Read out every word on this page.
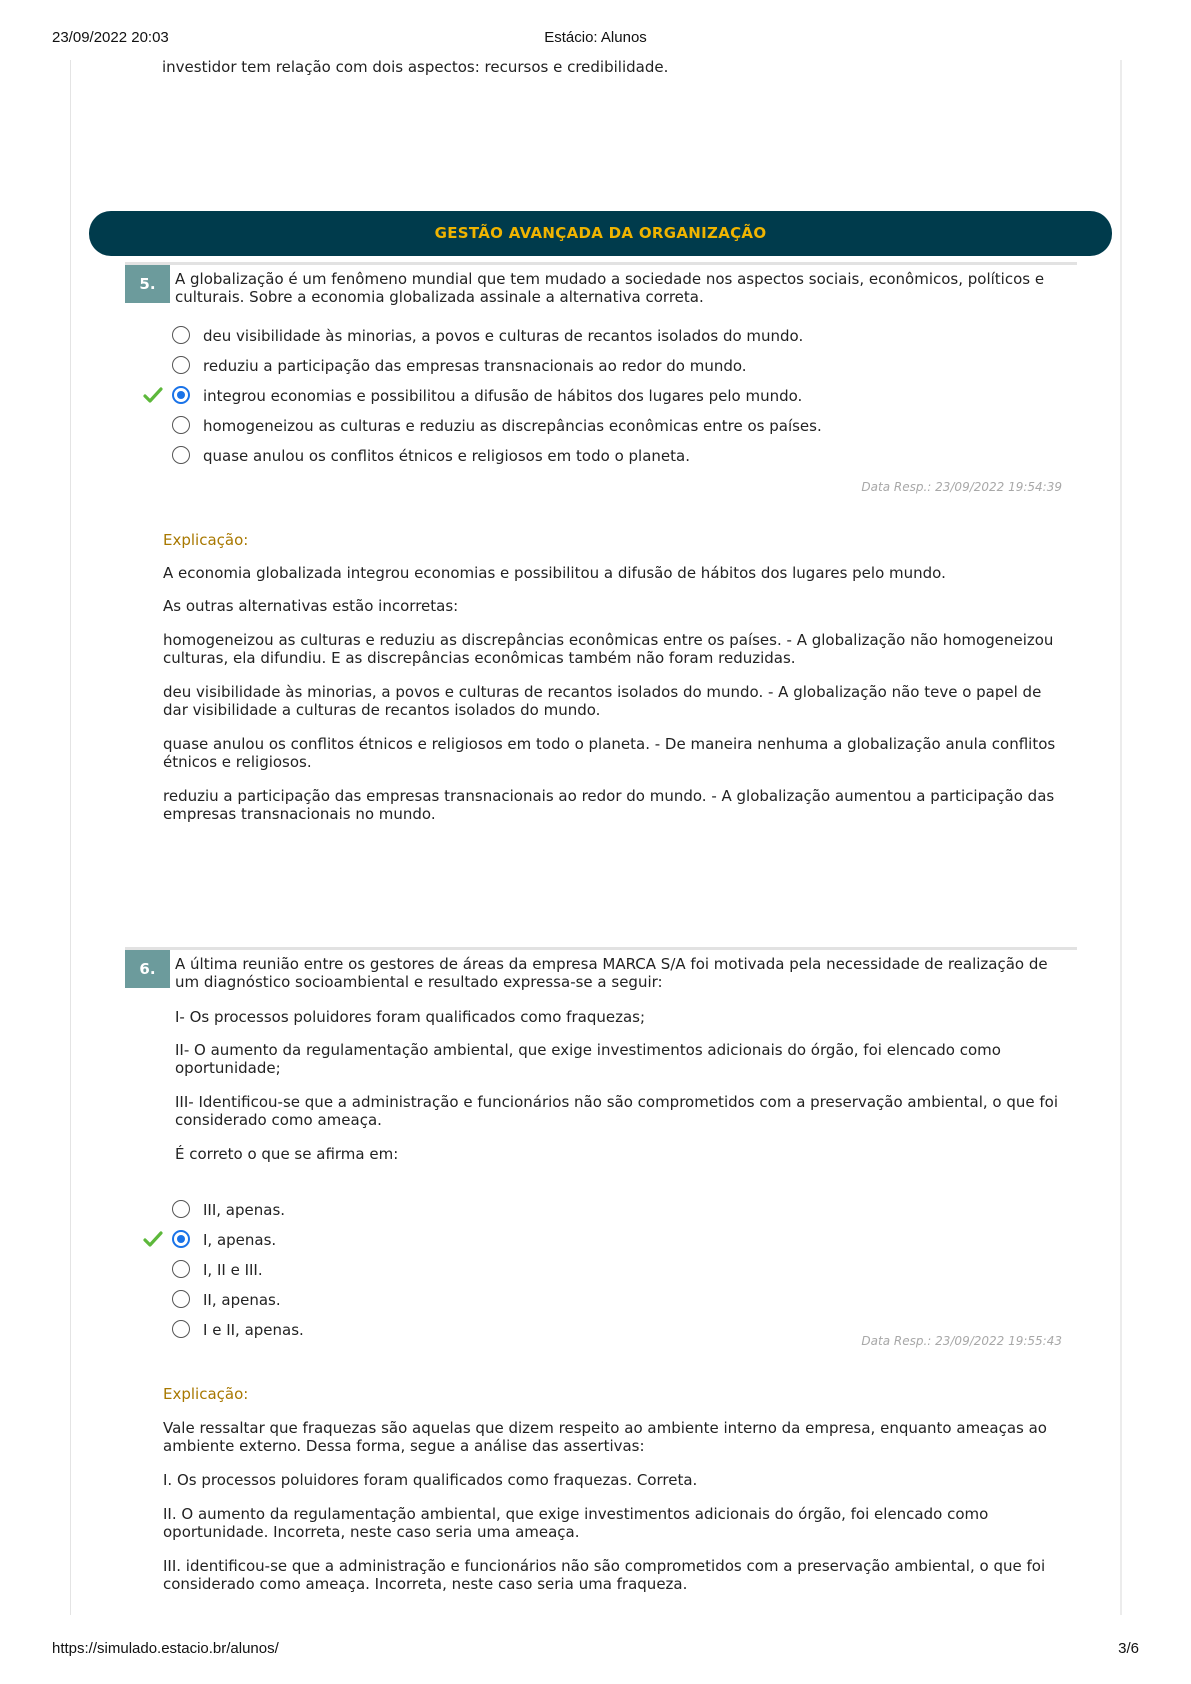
23/09/2022 20:03	Estácio: Alunos
investidor tem relação com dois aspectos: recursos e credibilidade.
GESTÃO AVANÇADA DA ORGANIZAÇÃO
5.	A globalização é um fenômeno mundial que tem mudado a sociedade nos aspectos sociais, econômicos, políticos e culturais. Sobre a economia globalizada assinale a alternativa correta.
deu visibilidade às minorias, a povos e culturas de recantos isolados do mundo.
reduziu a participação das empresas transnacionais ao redor do mundo.
integrou economias e possibilitou a difusão de hábitos dos lugares pelo mundo.
homogeneizou as culturas e reduziu as discrepâncias econômicas entre os países.
quase anulou os conflitos étnicos e religiosos em todo o planeta.
Data Resp.: 23/09/2022 19:54:39
Explicação:
A economia globalizada integrou economias e possibilitou a difusão de hábitos dos lugares pelo mundo.
As outras alternativas estão incorretas:
homogeneizou as culturas e reduziu as discrepâncias econômicas entre os países. - A globalização não homogeneizou culturas, ela difundiu. E as discrepâncias econômicas também não foram reduzidas.
deu visibilidade às minorias, a povos e culturas de recantos isolados do mundo. - A globalização não teve o papel de dar visibilidade a culturas de recantos isolados do mundo.
quase anulou os conflitos étnicos e religiosos em todo o planeta. - De maneira nenhuma a globalização anula conflitos étnicos e religiosos.
reduziu a participação das empresas transnacionais ao redor do mundo. - A globalização aumentou a participação das empresas transnacionais no mundo.
6.	A última reunião entre os gestores de áreas da empresa MARCA S/A foi motivada pela necessidade de realização de um diagnóstico socioambiental e resultado expressa-se a seguir:
I- Os processos poluidores foram qualificados como fraquezas;
II- O aumento da regulamentação ambiental, que exige investimentos adicionais do órgão, foi elencado como oportunidade;
III- Identificou-se que a administração e funcionários não são comprometidos com a preservação ambiental, o que foi considerado como ameaça.
É correto o que se afirma em:
III, apenas.
I, apenas.
I, II e III.
II, apenas.
I e II, apenas.
Data Resp.: 23/09/2022 19:55:43
Explicação:
Vale ressaltar que fraquezas são aquelas que dizem respeito ao ambiente interno da empresa, enquanto ameaças ao ambiente externo. Dessa forma, segue a análise das assertivas:
I. Os processos poluidores foram qualificados como fraquezas. Correta.
II. O aumento da regulamentação ambiental, que exige investimentos adicionais do órgão, foi elencado como oportunidade. Incorreta, neste caso seria uma ameaça.
III. identificou-se que a administração e funcionários não são comprometidos com a preservação ambiental, o que foi considerado como ameaça. Incorreta, neste caso seria uma fraqueza.
https://simulado.estacio.br/alunos/	3/6
